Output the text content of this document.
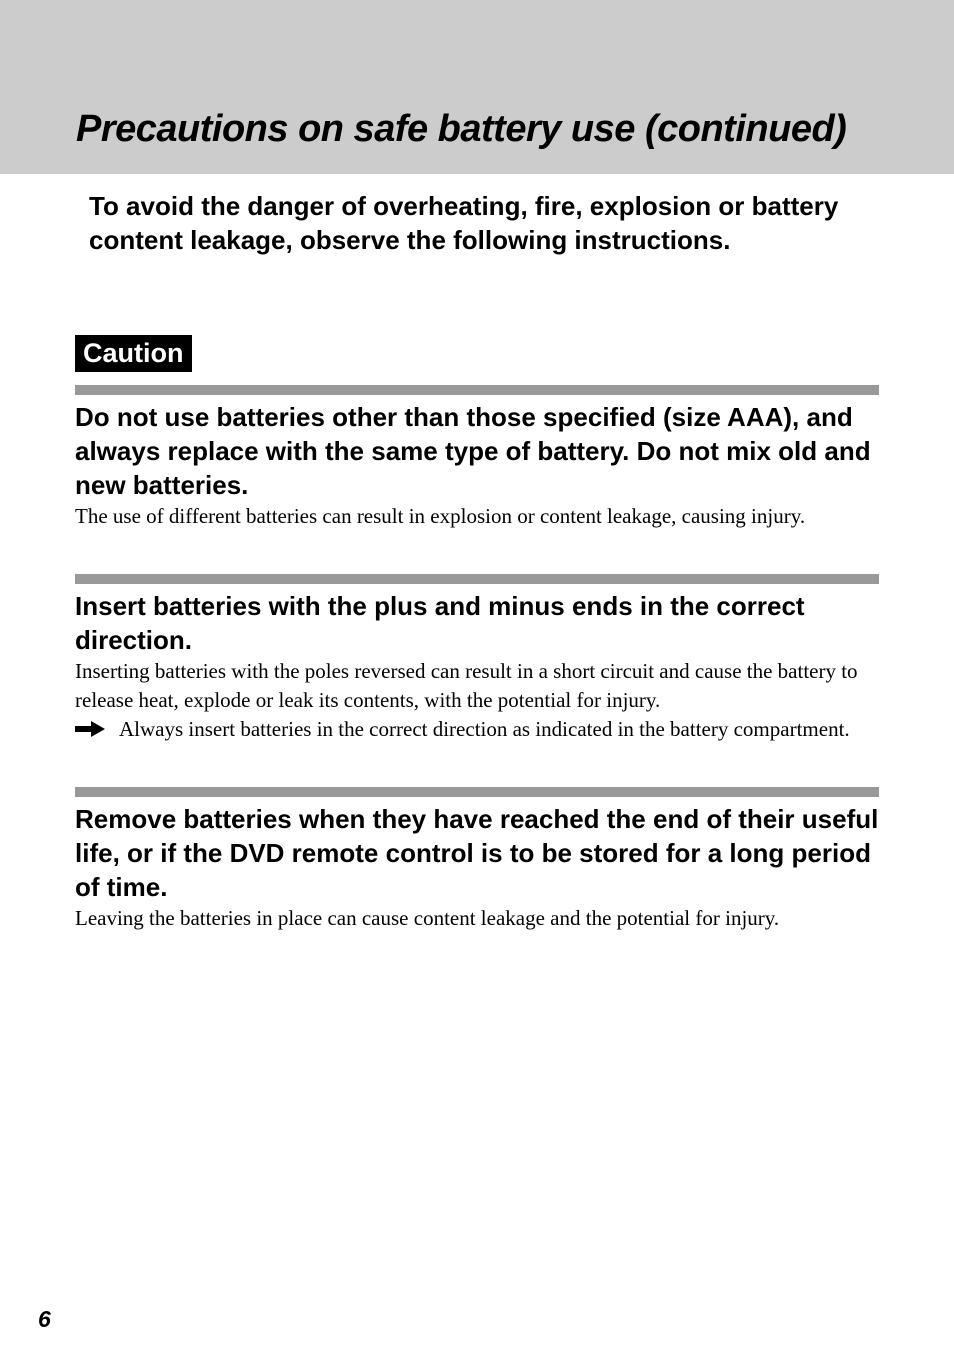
Precautions on safe battery use (continued)

To avoid the danger of overheating, fire, explosion or battery content leakage, observe the following instructions.

Caution
Do not use batteries other than those specified (size AAA), and always replace with the same type of battery. Do not mix old and new batteries.

The use of different batteries can result in explosion or content leakage, causing injury.

Insert batteries with the plus and minus ends in the correct direction.

Inserting batteries with the poles reversed can result in a short circuit and cause the battery to release heat, explode or leak its contents, with the potential for injury.

Always insert batteries in the correct direction as indicated in the battery compartment.
Remove batteries when they have reached the end of their useful life, or if the DVD remote control is to be stored for a long period of time.

Leaving the batteries in place can cause content leakage and the potential for injury.

6
